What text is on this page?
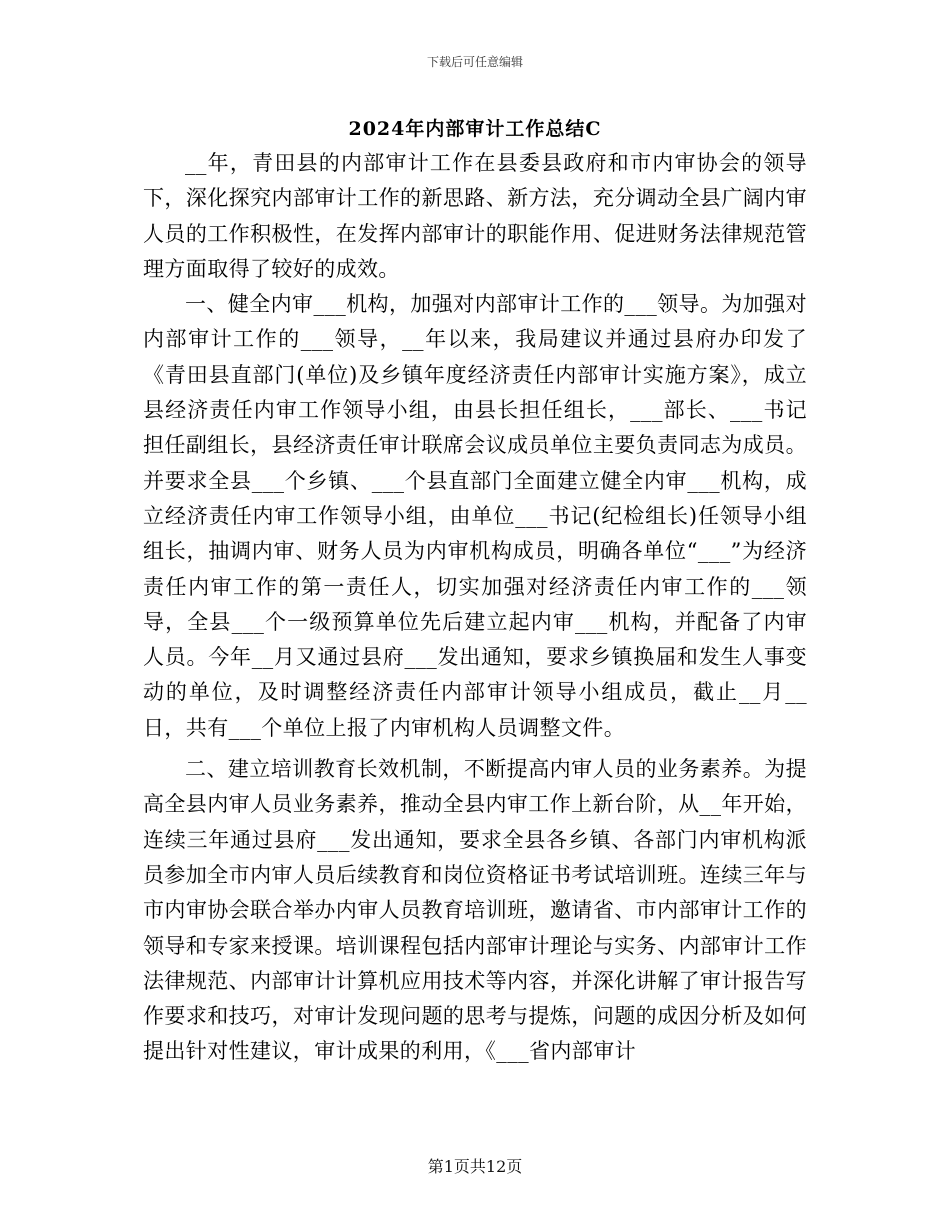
下载后可任意编辑
2024年内部审计工作总结C

__年，青田县的内部审计工作在县委县政府和市内审协会的领导下，深化探究内部审计工作的新思路、新方法，充分调动全县广阔内审人员的工作积极性，在发挥内部审计的职能作用、促进财务法律规范管理方面取得了较好的成效。

一、健全内审___机构，加强对内部审计工作的___领导。为加强对内部审计工作的___领导，__年以来，我局建议并通过县府办印发了《青田县直部门(单位)及乡镇年度经济责任内部审计实施方案》，成立县经济责任内审工作领导小组，由县长担任组长，___部长、___书记担任副组长，县经济责任审计联席会议成员单位主要负责同志为成员。并要求全县___个乡镇、___个县直部门全面建立健全内审___机构，成立经济责任内审工作领导小组，由单位___书记(纪检组长)任领导小组组长，抽调内审、财务人员为内审机构成员，明确各单位“___”为经济责任内审工作的第一责任人，切实加强对经济责任内审工作的___领导，全县___个一级预算单位先后建立起内审___机构，并配备了内审人员。今年__月又通过县府___发出通知，要求乡镇换届和发生人事变动的单位，及时调整经济责任内部审计领导小组成员，截止__月__日，共有___个单位上报了内审机构人员调整文件。

二、建立培训教育长效机制，不断提高内审人员的业务素养。为提高全县内审人员业务素养，推动全县内审工作上新台阶，从__年开始，连续三年通过县府___发出通知，要求全县各乡镇、各部门内审机构派员参加全市内审人员后续教育和岗位资格证书考试培训班。连续三年与市内审协会联合举办内审人员教育培训班，邀请省、市内部审计工作的领导和专家来授课。培训课程包括内部审计理论与实务、内部审计工作法律规范、内部审计计算机应用技术等内容，并深化讲解了审计报告写作要求和技巧，对审计发现问题的思考与提炼，问题的成因分析及如何提出针对性建议，审计成果的利用，《___省内部审计

第1页共12页
